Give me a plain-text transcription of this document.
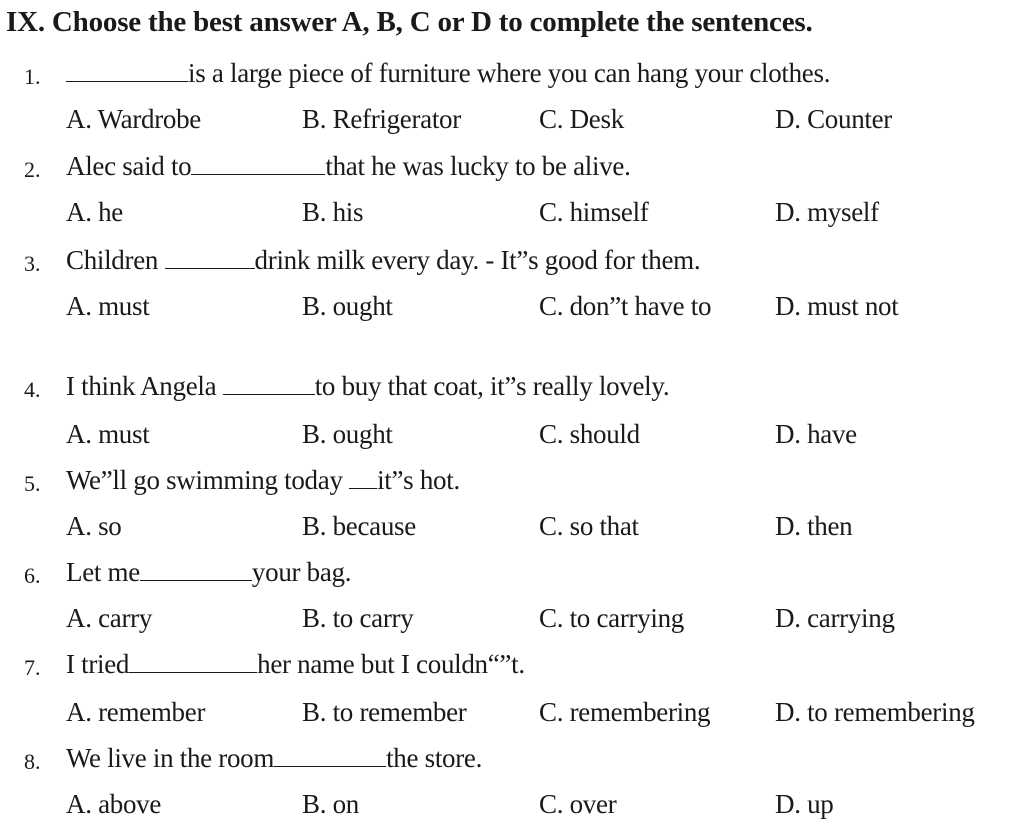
IX. Choose the best answer A, B, C or D to complete the sentences.
1.	is a large piece of furniture where you can hang your clothes.
A. Wardrobe	B. Refrigerator	C. Desk	D. Counter
2. Alec said to	that he was lucky to be alive.
A. he	B. his	C. himself	D. myself
3. Children	drink milk every day. - It”s good for them.
A. must	B. ought	C. don”t have to D. must not
4. I think Angela	to buy that coat, it”s really lovely.
A. must	B. ought	C. should	D. have
5. We”ll go swimming today it”s hot.
A. so	B. because	C. so that	D. then
6. Let me	your bag.
A. carry	B. to carry	C. to carrying	D. carrying
7. I tried	her name but I couldn“”t.
A. remember	B. to remember	C. remembering D. to remembering
8. We live in the room	the store.
A. above	B. on	C. over	D. up
